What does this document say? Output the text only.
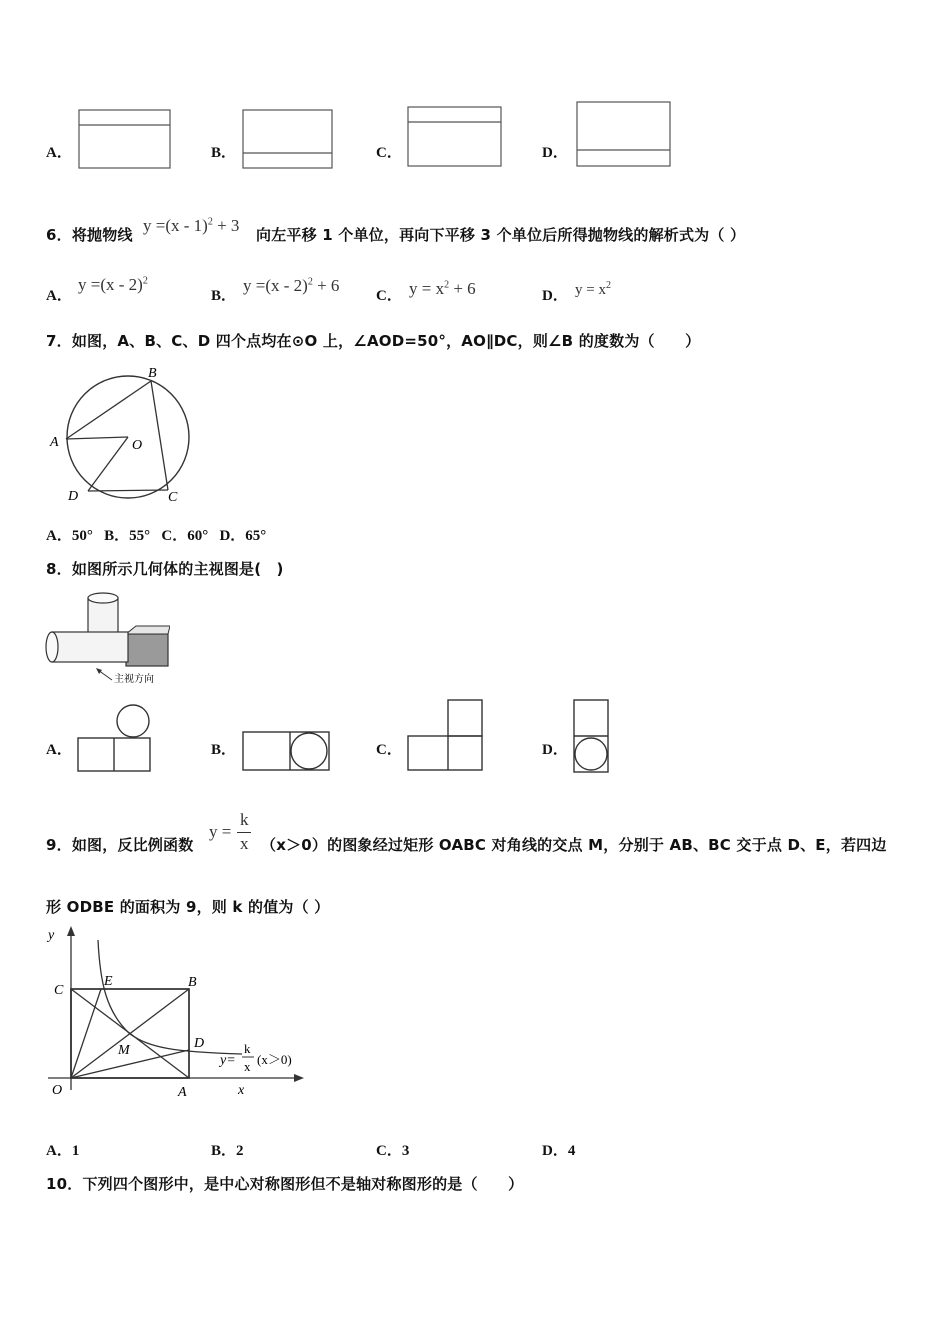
A．	B．	C．	D．
6．将抛物线 y =(x - 1)$^2$ + 3 向左平移 1 个单位，再向下平移 3 个单位后所得抛物线的解析式为（ ）
A．
y =(x - 2)$^2$
B．
y =(x - 2)$^2$ + 6
C． $y = x^2 + 6$	D． $y = x^2$
7．如图，A、B、C、D 四个点均在⊙O 上，∠AOD=50°，AO∥DC，则∠B 的度数为（　　）
B
A	O
D	C
A．50° B．55° C．60° D．65°
8．如图所示几何体的主视图是(　)
主视方向
A．	B．	C．	D．
9．如图，反比例函数
y =
k
x （x＞0）的图象经过矩形 OABC 对角线的交点 M，分别于 AB、BC 交于点 D、E，若四边
形 ODBE 的面积为 9，则 k 的值为（ ）
y
C
E	B
D
M
O	A	x
y=
k
x (x＞0)
A．1	B．2	C．3	D．4
10．下列四个图形中，是中心对称图形但不是轴对称图形的是（　　）
